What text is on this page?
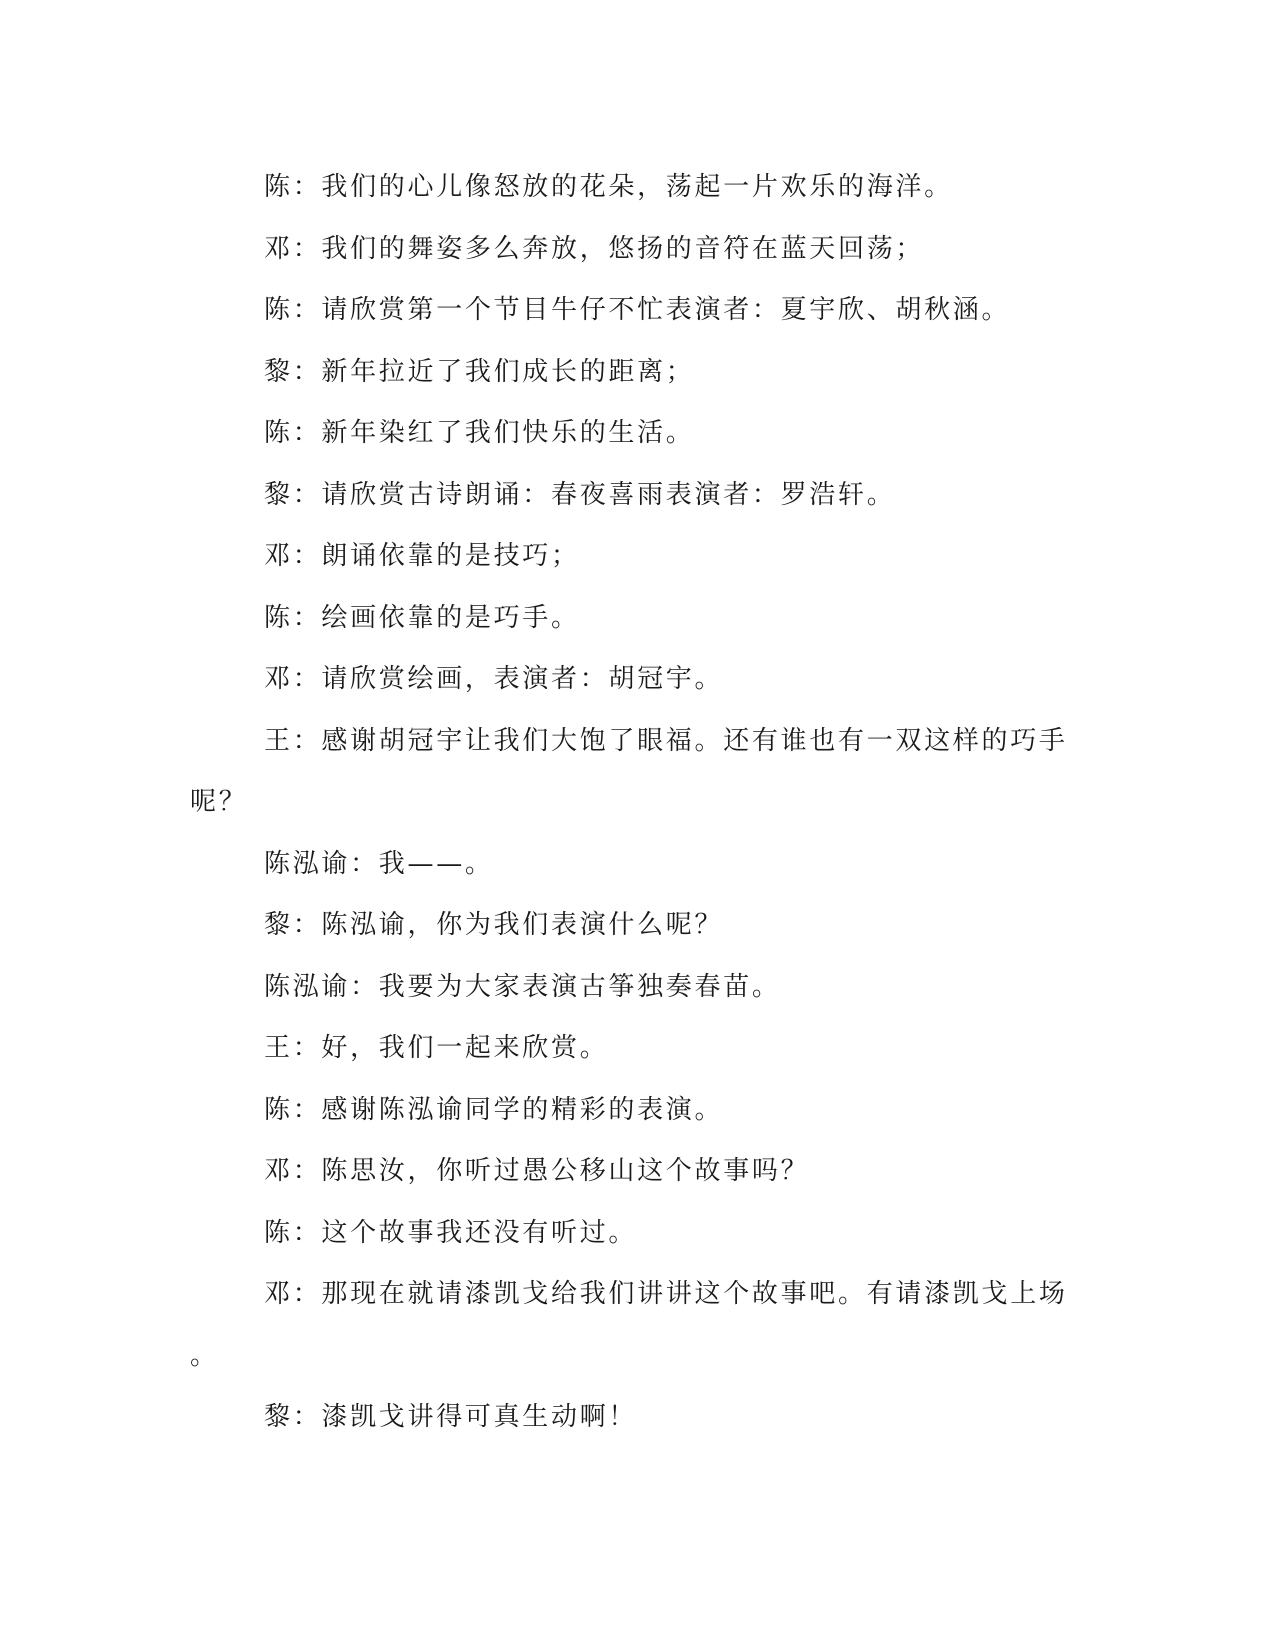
陈：我们的心儿像怒放的花朵，荡起一片欢乐的海洋。

邓：我们的舞姿多么奔放，悠扬的音符在蓝天回荡；

陈：请欣赏第一个节目牛仔不忙表演者：夏宇欣、胡秋涵。

黎：新年拉近了我们成长的距离；

陈：新年染红了我们快乐的生活。

黎：请欣赏古诗朗诵：春夜喜雨表演者：罗浩轩。

邓：朗诵依靠的是技巧；

陈：绘画依靠的是巧手。

邓：请欣赏绘画，表演者：胡冠宇。

王：感谢胡冠宇让我们大饱了眼福。还有谁也有一双这样的巧手
呢？

陈泓谕：我——。

黎：陈泓谕，你为我们表演什么呢？

陈泓谕：我要为大家表演古筝独奏春苗。

王：好，我们一起来欣赏。

陈：感谢陈泓谕同学的精彩的表演。

邓：陈思汝，你听过愚公移山这个故事吗？

陈：这个故事我还没有听过。

邓：那现在就请漆凯戈给我们讲讲这个故事吧。有请漆凯戈上场
。

黎：漆凯戈讲得可真生动啊！
